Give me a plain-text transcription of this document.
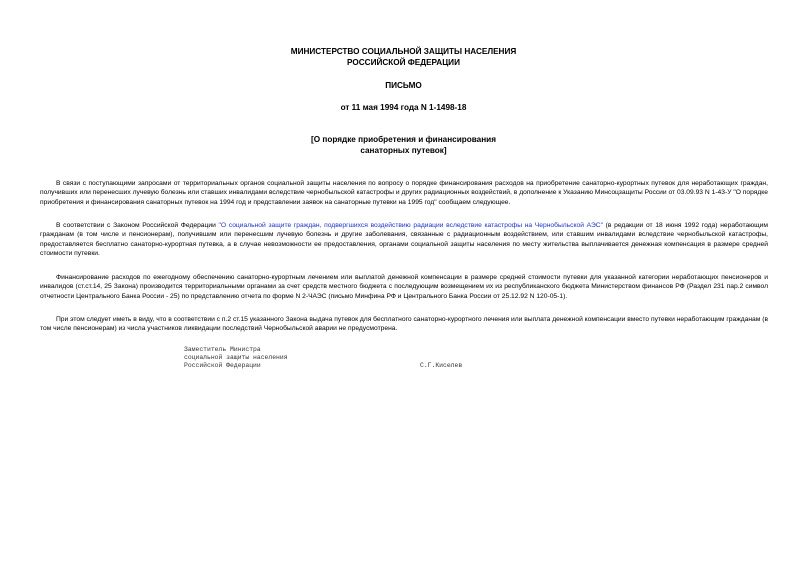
МИНИСТЕРСТВО СОЦИАЛЬНОЙ ЗАЩИТЫ НАСЕЛЕНИЯ
РОССИЙСКОЙ ФЕДЕРАЦИИ
ПИСЬМО
от 11 мая 1994 года N 1-1498-18
[О порядке приобретения и финансирования
санаторных путевок]

В связи с поступающими запросами от территориальных органов социальной защиты населения по вопросу о порядке финансирования расходов на приобретение санаторно-курортных путевок для неработающих граждан, получивших или перенесших лучевую болезнь или ставших инвалидами вследствие чернобыльской катастрофы и других радиационных воздействий, в дополнение к Указанию Минсоцзащиты России от 03.09.93 N 1-43-У "О порядке приобретения и финансирования санаторных путевок на 1994 год и представлении заявок на санаторные путевки на 1995 год" сообщаем следующее.

В соответствии с Законом Российской Федерации "О социальной защите граждан, подвергшихся воздействию радиации вследствие катастрофы на Чернобыльской АЭС" (в редакции от 18 июня 1992 года) неработающим гражданам (в том числе и пенсионерам), получившим или перенесшим лучевую болезнь и другие заболевания, связанные с радиационным воздействием, или ставшим инвалидами вследствие чернобыльской катастрофы, предоставляется бесплатно санаторно-курортная путевка, а в случае невозможности ее предоставления, органами социальной защиты населения по месту жительства выплачивается денежная компенсация в размере средней стоимости путевки.

Финансирование расходов по ежегодному обеспечению санаторно-курортным лечением или выплатой денежной компенсации в размере средней стоимости путевки для указанной категории неработающих пенсионеров и инвалидов (ст.ст.14, 25 Закона) производится территориальными органами за счет средств местного бюджета с последующим возмещением их из республиканского бюджета Министерством финансов РФ (Раздел 231 пар.2 символ отчетности Центрального Банка России - 25) по представлению отчета по форме N 2-ЧАЭС (письмо Минфина РФ и Центрального Банка России от 25.12.92 N 120-05-1).

При этом следует иметь в виду, что в соответствии с п.2 ст.15 указанного Закона выдача путевок для бесплатного санаторно-курортного лечения или выплата денежной компенсации вместо путевки неработающим гражданам (в том числе пенсионерам) из числа участников ликвидации последствий Чернобыльской аварии не предусмотрена.

Заместитель Министра
социальной защиты населения
Российской Федерации	С.Г.Киселев
